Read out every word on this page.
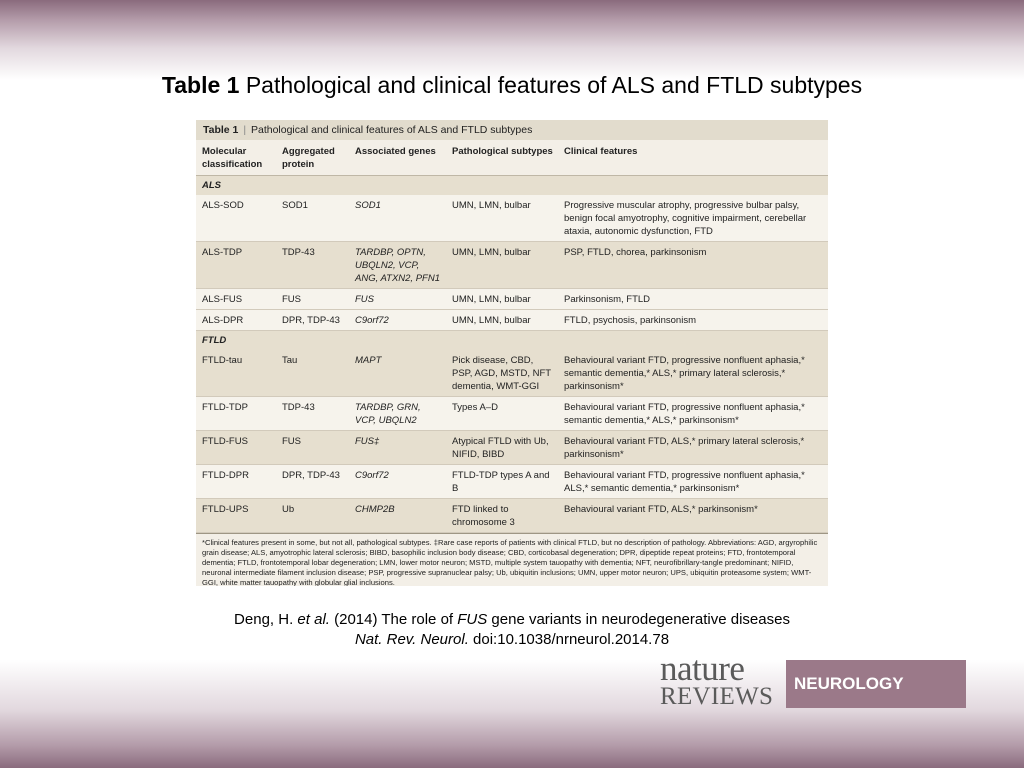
Table 1 Pathological and clinical features of ALS and FTLD subtypes
Table 1 | Pathological and clinical features of ALS and FTLD subtypes
Molecular classification	Aggregated protein	Associated genes	Pathological subtypes	Clinical features
ALS				
ALS-SOD	SOD1	SOD1	UMN, LMN, bulbar	Progressive muscular atrophy, progressive bulbar palsy, benign focal amyotrophy, cognitive impairment, cerebellar ataxia, autonomic dysfunction, FTD
ALS-TDP	TDP-43	TARDBP, OPTN, UBQLN2, VCP, ANG, ATXN2, PFN1	UMN, LMN, bulbar	PSP, FTLD, chorea, parkinsonism
ALS-FUS	FUS	FUS	UMN, LMN, bulbar	Parkinsonism, FTLD
ALS-DPR	DPR, TDP-43	C9orf72	UMN, LMN, bulbar	FTLD, psychosis, parkinsonism
FTLD				
FTLD-tau	Tau	MAPT	Pick disease, CBD, PSP, AGD, MSTD, NFT dementia, WMT-GGI	Behavioural variant FTD, progressive nonfluent aphasia,* semantic dementia,* ALS,* primary lateral sclerosis,* parkinsonism*
FTLD-TDP	TDP-43	TARDBP, GRN, VCP, UBQLN2	Types A–D	Behavioural variant FTD, progressive nonfluent aphasia,* semantic dementia,* ALS,* parkinsonism*
FTLD-FUS	FUS	FUS‡	Atypical FTLD with Ub, NIFID, BIBD	Behavioural variant FTD, ALS,* primary lateral sclerosis,* parkinsonism*
FTLD-DPR	DPR, TDP-43	C9orf72	FTLD-TDP types A and B	Behavioural variant FTD, progressive nonfluent aphasia,* ALS,* semantic dementia,* parkinsonism*
FTLD-UPS	Ub	CHMP2B	FTD linked to chromosome 3	Behavioural variant FTD, ALS,* parkinsonism*
*Clinical features present in some, but not all, pathological subtypes. ‡Rare case reports of patients with clinical FTLD, but no description of pathology. Abbreviations: AGD, argyrophilic grain disease; ALS, amyotrophic lateral sclerosis; BIBD, basophilic inclusion body disease; CBD, corticobasal degeneration; DPR, dipeptide repeat proteins; FTD, frontotemporal dementia; FTLD, frontotemporal lobar degeneration; LMN, lower motor neuron; MSTD, multiple system tauopathy with dementia; NFT, neurofibrillary-tangle predominant; NIFID, neuronal intermediate filament inclusion disease; PSP, progressive supranuclear palsy; Ub, ubiquitin inclusions; UMN, upper motor neuron; UPS, ubiquitin proteasome system; WMT-GGI, white matter tauopathy with globular glial inclusions.
Deng, H. et al. (2014) The role of FUS gene variants in neurodegenerative diseases
Nat. Rev. Neurol. doi:10.1038/nrneurol.2014.78
nature
REVIEWS	NEUROLOGY
